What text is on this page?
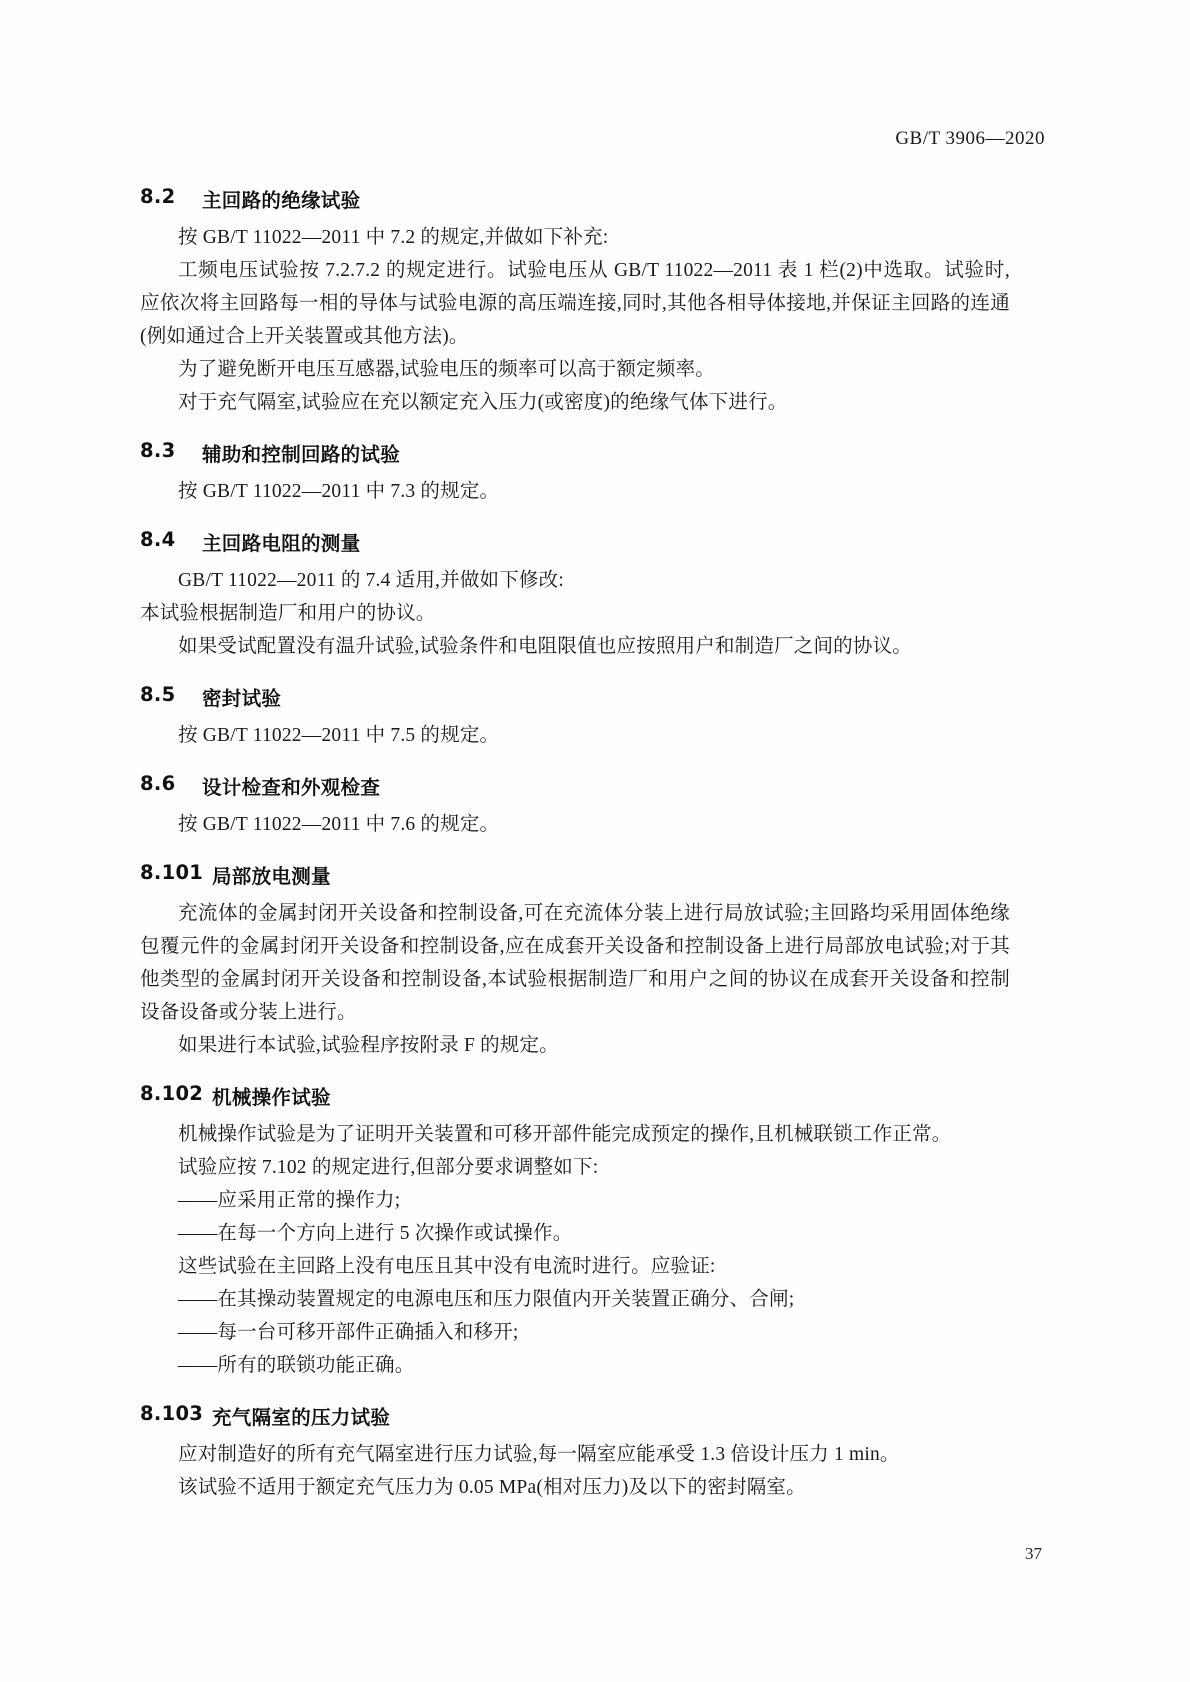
GB/T 3906—2020
8.2	主回路的绝缘试验

按 GB/T 11022—2011 中 7.2 的规定,并做如下补充:

工频电压试验按 7.2.7.2 的规定进行。试验电压从 GB/T 11022—2011 表 1 栏(2)中选取。试验时,应依次将主回路每一相的导体与试验电源的高压端连接,同时,其他各相导体接地,并保证主回路的连通(例如通过合上开关装置或其他方法)。

为了避免断开电压互感器,试验电压的频率可以高于额定频率。

对于充气隔室,试验应在充以额定充入压力(或密度)的绝缘气体下进行。

8.3	辅助和控制回路的试验

按 GB/T 11022—2011 中 7.3 的规定。

8.4	主回路电阻的测量

GB/T 11022—2011 的 7.4 适用,并做如下修改:

本试验根据制造厂和用户的协议。

如果受试配置没有温升试验,试验条件和电阻限值也应按照用户和制造厂之间的协议。

8.5	密封试验

按 GB/T 11022—2011 中 7.5 的规定。

8.6	设计检查和外观检查

按 GB/T 11022—2011 中 7.6 的规定。

8.101 局部放电测量

充流体的金属封闭开关设备和控制设备,可在充流体分装上进行局放试验;主回路均采用固体绝缘包覆元件的金属封闭开关设备和控制设备,应在成套开关设备和控制设备上进行局部放电试验;对于其他类型的金属封闭开关设备和控制设备,本试验根据制造厂和用户之间的协议在成套开关设备和控制设备设备或分装上进行。

如果进行本试验,试验程序按附录 F 的规定。

8.102 机械操作试验

机械操作试验是为了证明开关装置和可移开部件能完成预定的操作,且机械联锁工作正常。

试验应按 7.102 的规定进行,但部分要求调整如下:

——应采用正常的操作力;

——在每一个方向上进行 5 次操作或试操作。

这些试验在主回路上没有电压且其中没有电流时进行。应验证:

——在其操动装置规定的电源电压和压力限值内开关装置正确分、合闸;

——每一台可移开部件正确插入和移开;

——所有的联锁功能正确。

8.103 充气隔室的压力试验

应对制造好的所有充气隔室进行压力试验,每一隔室应能承受 1.3 倍设计压力 1 min。

该试验不适用于额定充气压力为 0.05 MPa(相对压力)及以下的密封隔室。

37
